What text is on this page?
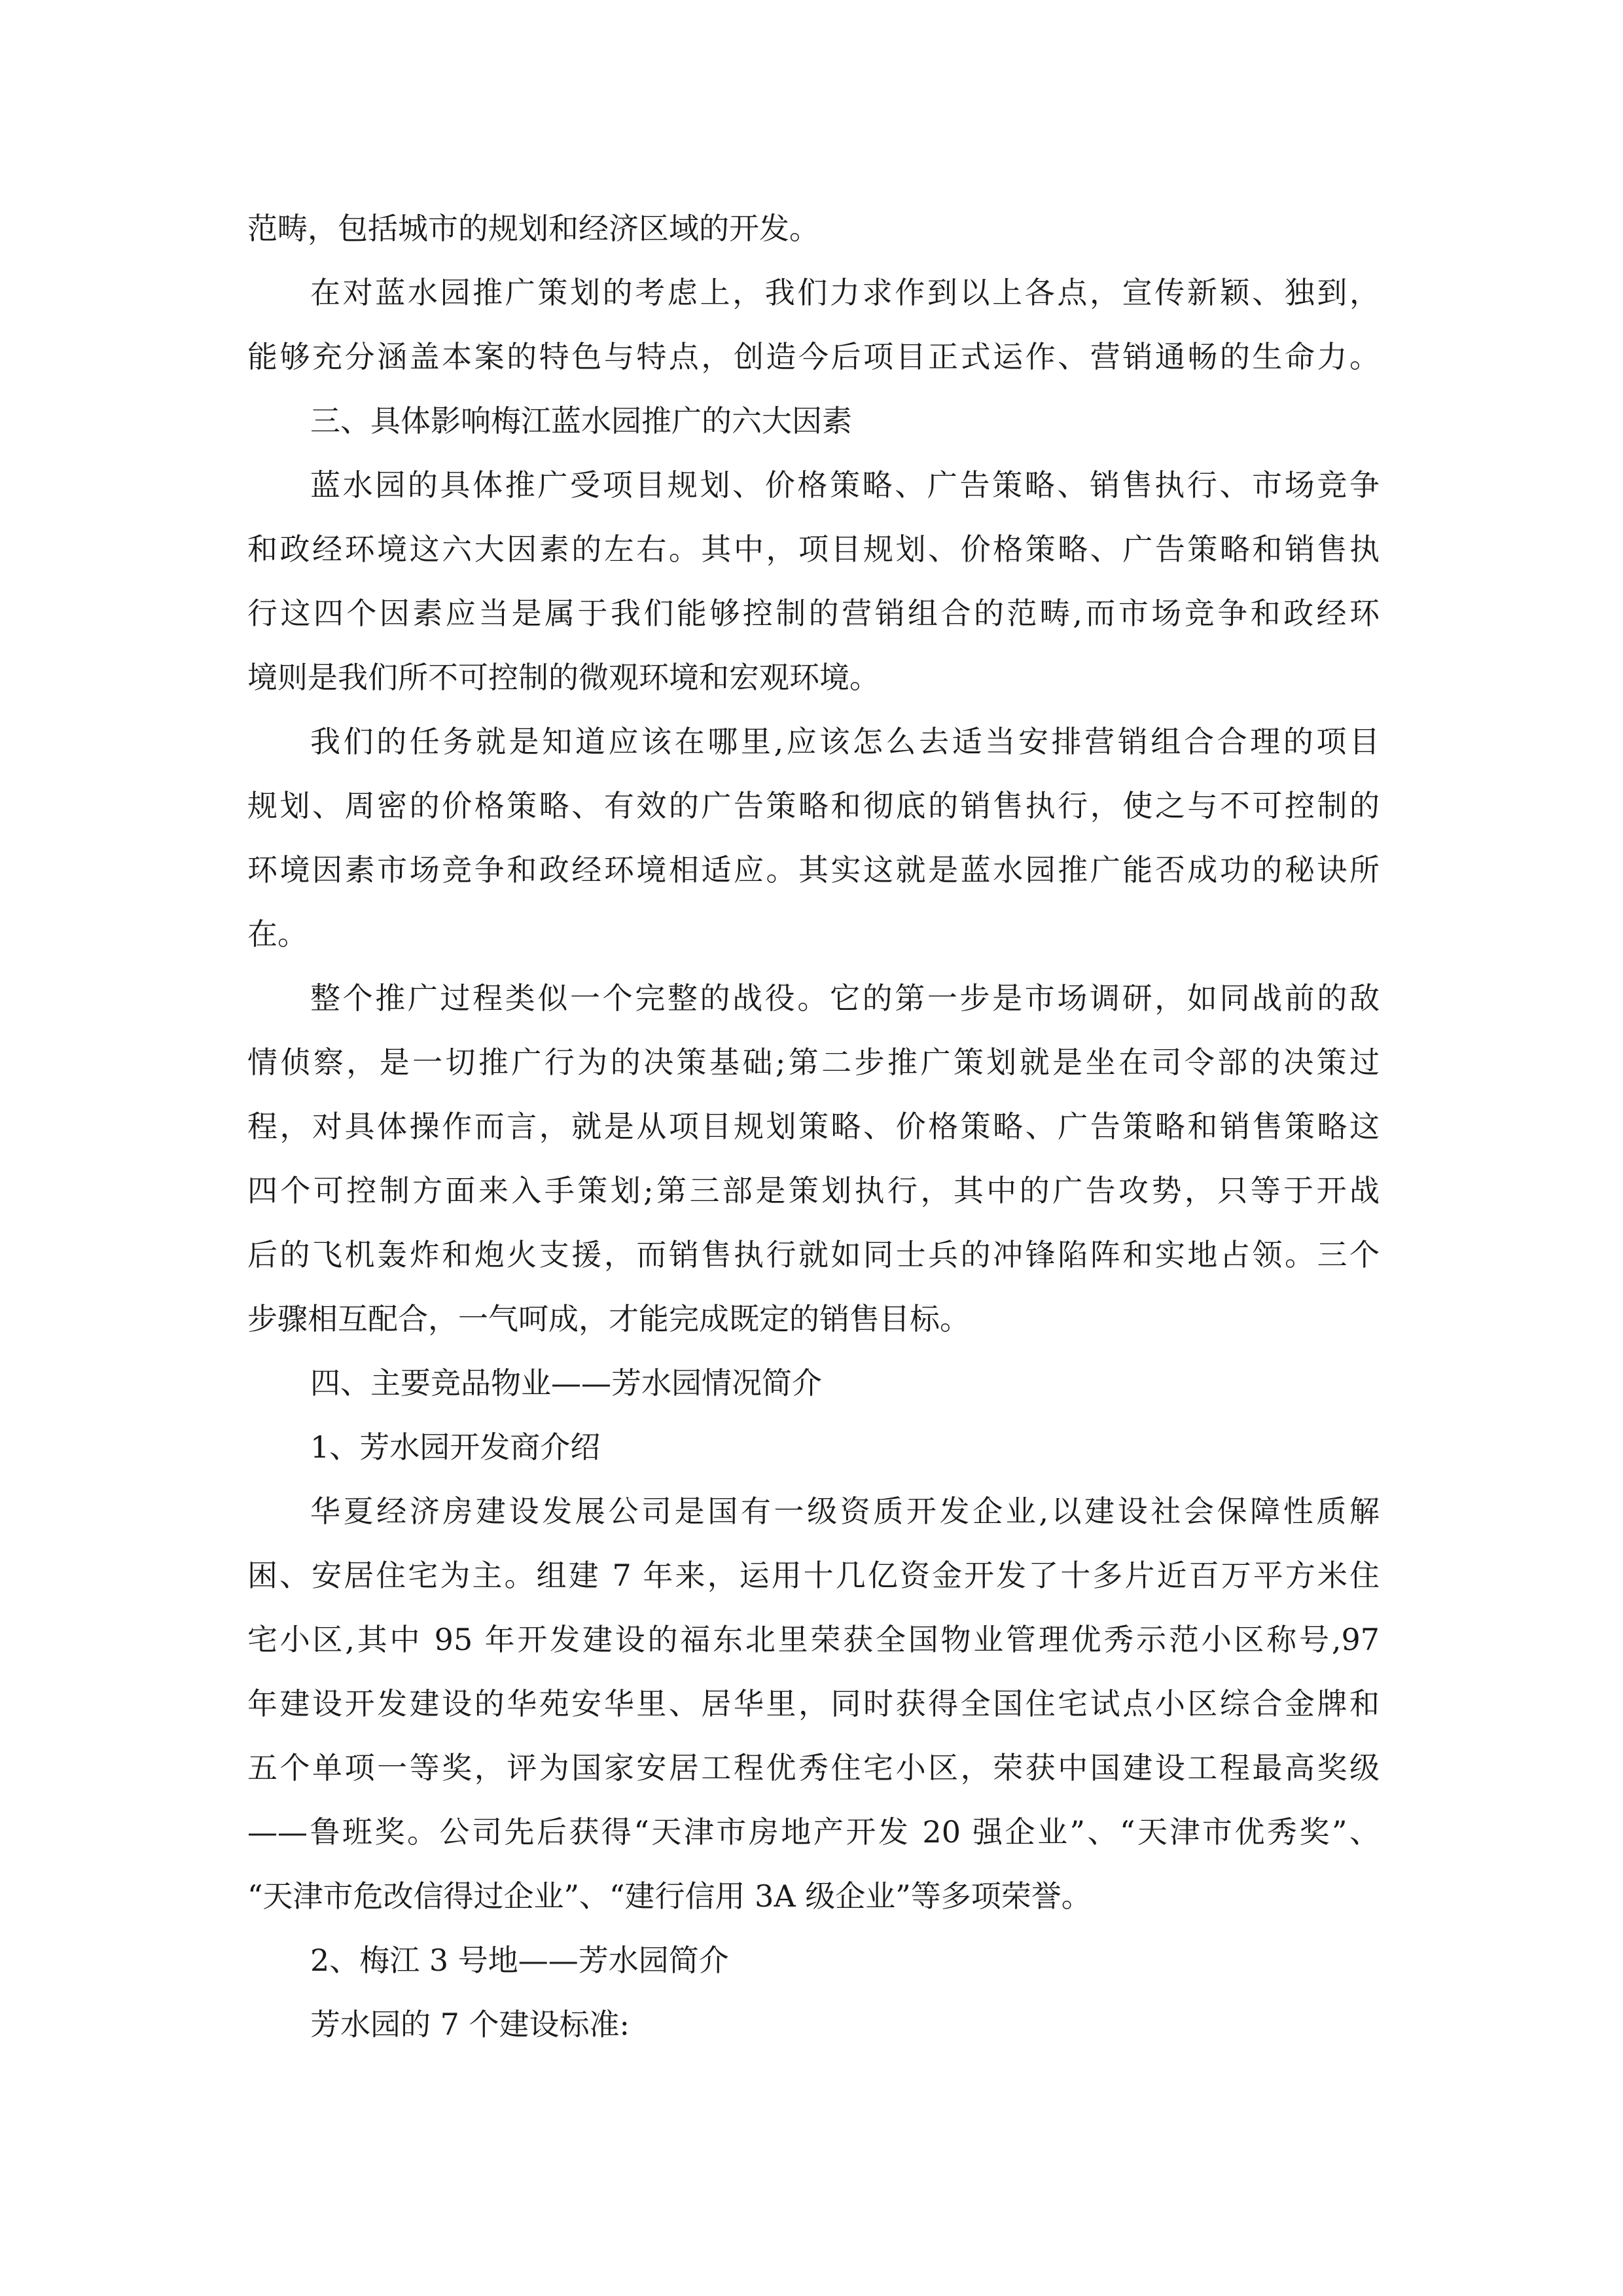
范畴，包括城市的规划和经济区域的开发。
在对蓝水园推广策划的考虑上，我们力求作到以上各点，宣传新颖、独到，
能够充分涵盖本案的特色与特点，创造今后项目正式运作、营销通畅的生命力。
三、具体影响梅江蓝水园推广的六大因素
蓝水园的具体推广受项目规划、价格策略、广告策略、销售执行、市场竞争
和政经环境这六大因素的左右。其中，项目规划、价格策略、广告策略和销售执
行这四个因素应当是属于我们能够控制的营销组合的范畴,而市场竞争和政经环
境则是我们所不可控制的微观环境和宏观环境。
我们的任务就是知道应该在哪里,应该怎么去适当安排营销组合合理的项目
规划、周密的价格策略、有效的广告策略和彻底的销售执行，使之与不可控制的
环境因素市场竞争和政经环境相适应。其实这就是蓝水园推广能否成功的秘诀所
在。
整个推广过程类似一个完整的战役。它的第一步是市场调研，如同战前的敌
情侦察，是一切推广行为的决策基础;第二步推广策划就是坐在司令部的决策过
程，对具体操作而言，就是从项目规划策略、价格策略、广告策略和销售策略这
四个可控制方面来入手策划;第三部是策划执行，其中的广告攻势，只等于开战
后的飞机轰炸和炮火支援，而销售执行就如同士兵的冲锋陷阵和实地占领。三个
步骤相互配合，一气呵成，才能完成既定的销售目标。
四、主要竞品物业——芳水园情况简介
1、芳水园开发商介绍
华夏经济房建设发展公司是国有一级资质开发企业,以建设社会保障性质解
困、安居住宅为主。组建 7 年来，运用十几亿资金开发了十多片近百万平方米住
宅小区,其中 95 年开发建设的福东北里荣获全国物业管理优秀示范小区称号,97
年建设开发建设的华苑安华里、居华里，同时获得全国住宅试点小区综合金牌和
五个单项一等奖，评为国家安居工程优秀住宅小区，荣获中国建设工程最高奖级
——鲁班奖。公司先后获得“天津市房地产开发 20 强企业”、“天津市优秀奖”、
“天津市危改信得过企业”、“建行信用 3A 级企业”等多项荣誉。
2、梅江 3 号地——芳水园简介
芳水园的 7 个建设标准:
